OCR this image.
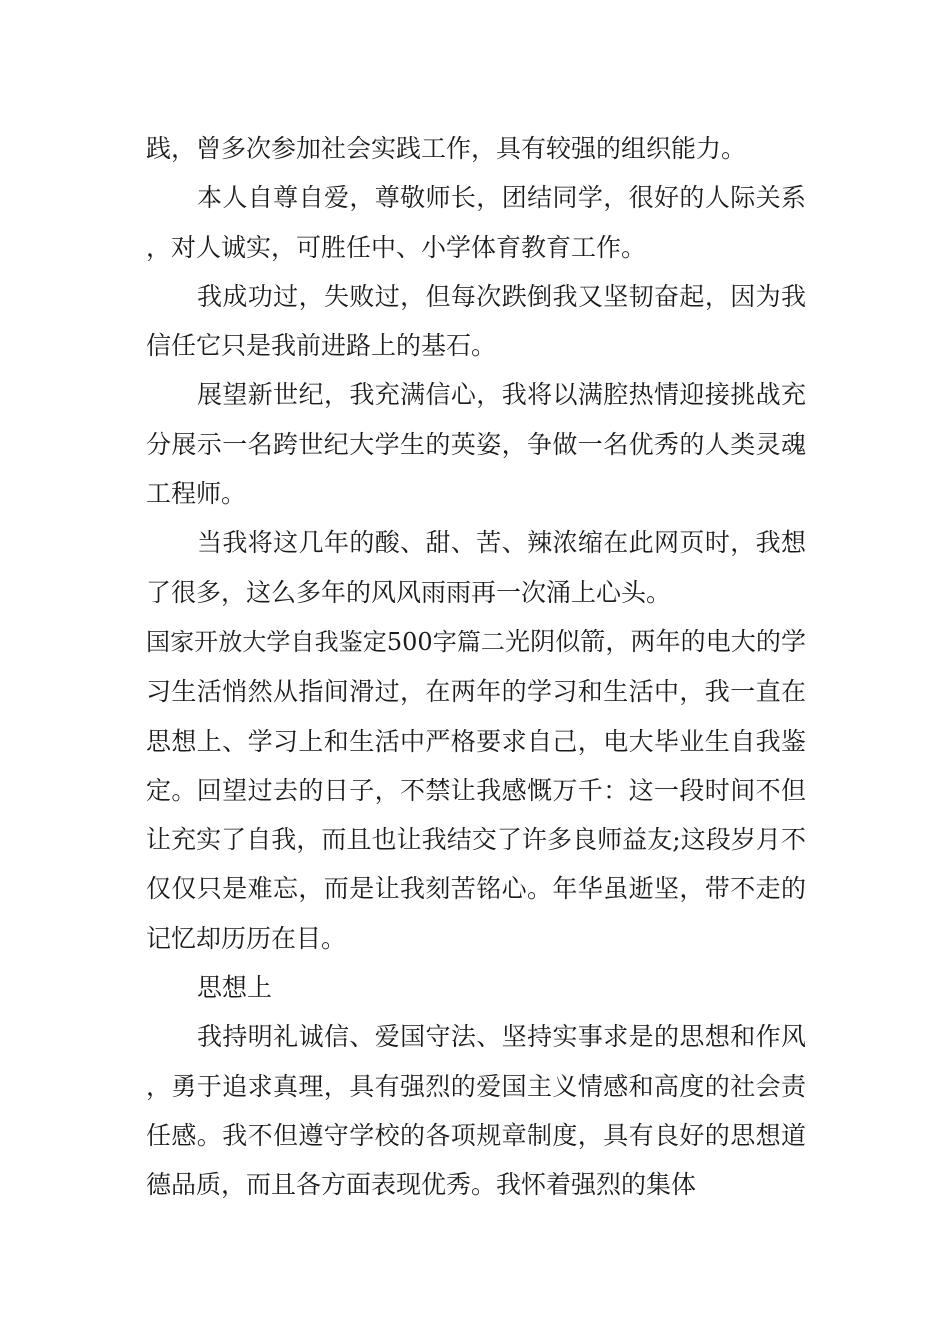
践，曾多次参加社会实践工作，具有较强的组织能力。

本人自尊自爱，尊敬师长，团结同学，很好的人际关系，对人诚实，可胜任中、小学体育教育工作。

我成功过，失败过，但每次跌倒我又坚韧奋起，因为我信任它只是我前进路上的基石。

展望新世纪，我充满信心，我将以满腔热情迎接挑战充分展示一名跨世纪大学生的英姿，争做一名优秀的人类灵魂工程师。

当我将这几年的酸、甜、苦、辣浓缩在此网页时，我想了很多，这么多年的风风雨雨再一次涌上心头。

国家开放大学自我鉴定500字篇二光阴似箭，两年的电大的学习生活悄然从指间滑过，在两年的学习和生活中，我一直在思想上、学习上和生活中严格要求自己，电大毕业生自我鉴定。回望过去的日子，不禁让我感慨万千：这一段时间不但让充实了自我，而且也让我结交了许多良师益友;这段岁月不仅仅只是难忘，而是让我刻苦铭心。年华虽逝坚，带不走的记忆却历历在目。

思想上

我持明礼诚信、爱国守法、坚持实事求是的思想和作风，勇于追求真理，具有强烈的爱国主义情感和高度的社会责任感。我不但遵守学校的各项规章制度，具有良好的思想道德品质，而且各方面表现优秀。我怀着强烈的集体
